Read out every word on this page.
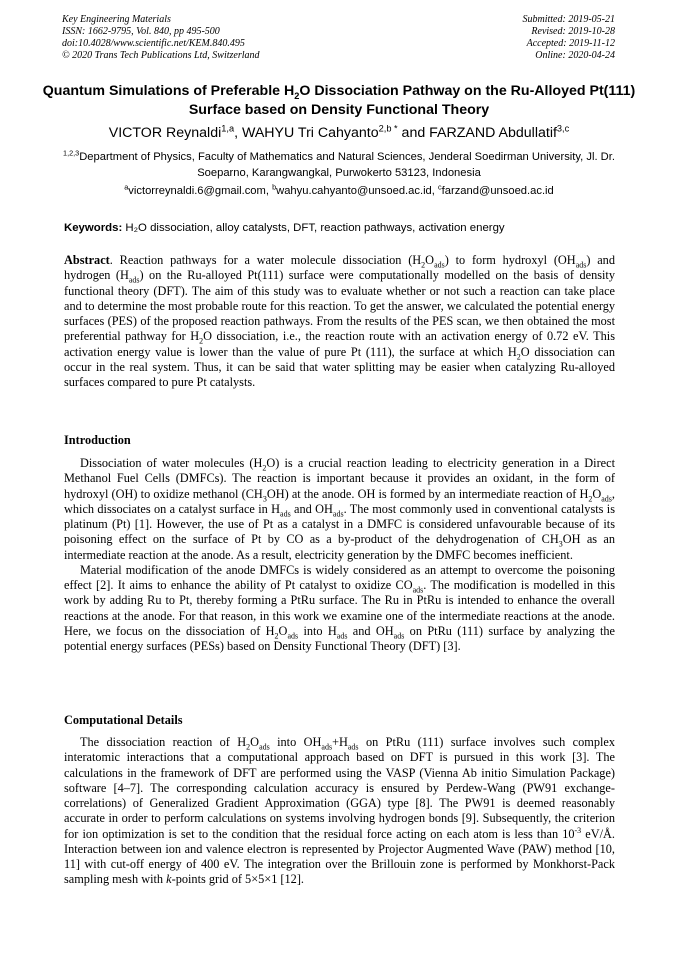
Key Engineering Materials
ISSN: 1662-9795, Vol. 840, pp 495-500
doi:10.4028/www.scientific.net/KEM.840.495
© 2020 Trans Tech Publications Ltd, Switzerland
Submitted: 2019-05-21
Revised: 2019-10-28
Accepted: 2019-11-12
Online: 2020-04-24
Quantum Simulations of Preferable $H_2O$ Dissociation Pathway on the Ru-Alloyed Pt(111) Surface based on Density Functional Theory
VICTOR Reynaldi$^{1,a}$, WAHYU Tri Cahyanto$^{2,b *}$ and FARZAND Abdullatif$^{3,c}$
$^{1,2,3}$Department of Physics, Faculty of Mathematics and Natural Sciences, Jenderal Soedirman University, Jl. Dr. Soeparno, Karangwangkal, Purwokerto 53123, Indonesia
$^a$victorreynaldi.6@gmail.com, $^b$wahyu.cahyanto@unsoed.ac.id, $^c$farzand@unsoed.ac.id
Keywords: H₂O dissociation, alloy catalysts, DFT, reaction pathways, activation energy

Abstract. Reaction pathways for a water molecule dissociation $(H_2O_{ads})$ to form hydroxyl $(OH_{ads})$ and hydrogen $(H_{ads})$ on the Ru-alloyed Pt(111) surface were computationally modelled on the basis of density functional theory (DFT). The aim of this study was to evaluate whether or not such a reaction can take place and to determine the most probable route for this reaction. To get the answer, we calculated the potential energy surfaces (PES) of the proposed reaction pathways. From the results of the PES scan, we then obtained the most preferential pathway for $H_2O$ dissociation, i.e., the reaction route with an activation energy of 0.72 eV. This activation energy value is lower than the value of pure Pt (111), the surface at which $H_2O$ dissociation can occur in the real system. Thus, it can be said that water splitting may be easier when catalyzing Ru-alloyed surfaces compared to pure Pt catalysts.

Introduction

Dissociation of water molecules $(H_2O)$ is a crucial reaction leading to electricity generation in a Direct Methanol Fuel Cells (DMFCs). The reaction is important because it provides an oxidant, in the form of hydroxyl (OH) to oxidize methanol $(CH_3OH)$ at the anode. OH is formed by an intermediate reaction of $H_2O_{ads}$, which dissociates on a catalyst surface in $H_{ads}$ and $OH_{ads}$. The most commonly used in conventional catalysts is platinum (Pt) [1]. However, the use of Pt as a catalyst in a DMFC is considered unfavourable because of its poisoning effect on the surface of Pt by CO as a by-product of the dehydrogenation of $CH_3OH$ as an intermediate reaction at the anode. As a result, electricity generation by the DMFC becomes inefficient.

Material modification of the anode DMFCs is widely considered as an attempt to overcome the poisoning effect [2]. It aims to enhance the ability of Pt catalyst to oxidize $CO_{ads}$. The modification is modelled in this work by adding Ru to Pt, thereby forming a PtRu surface. The Ru in PtRu is intended to enhance the overall reactions at the anode. For that reason, in this work we examine one of the intermediate reactions at the anode. Here, we focus on the dissociation of $H_2O_{ads}$ into $H_{ads}$ and $OH_{ads}$ on PtRu (111) surface by analyzing the potential energy surfaces (PESs) based on Density Functional Theory (DFT) [3].

Computational Details

The dissociation reaction of $H_2O_{ads}$ into $OH_{ads}+H_{ads}$ on PtRu (111) surface involves such complex interatomic interactions that a computational approach based on DFT is pursued in this work [3]. The calculations in the framework of DFT are performed using the VASP (Vienna Ab initio Simulation Package) software [4–7]. The corresponding calculation accuracy is ensured by Perdew-Wang (PW91 exchange-correlations) of Generalized Gradient Approximation (GGA) type [8]. The PW91 is deemed reasonably accurate in order to perform calculations on systems involving hydrogen bonds [9]. Subsequently, the criterion for ion optimization is set to the condition that the residual force acting on each atom is less than $10^{-3}$ eV/Å. Interaction between ion and valence electron is represented by Projector Augmented Wave (PAW) method [10, 11] with cut-off energy of 400 eV. The integration over the Brillouin zone is performed by Monkhorst-Pack sampling mesh with k-points grid of 5×5×1 [12].
